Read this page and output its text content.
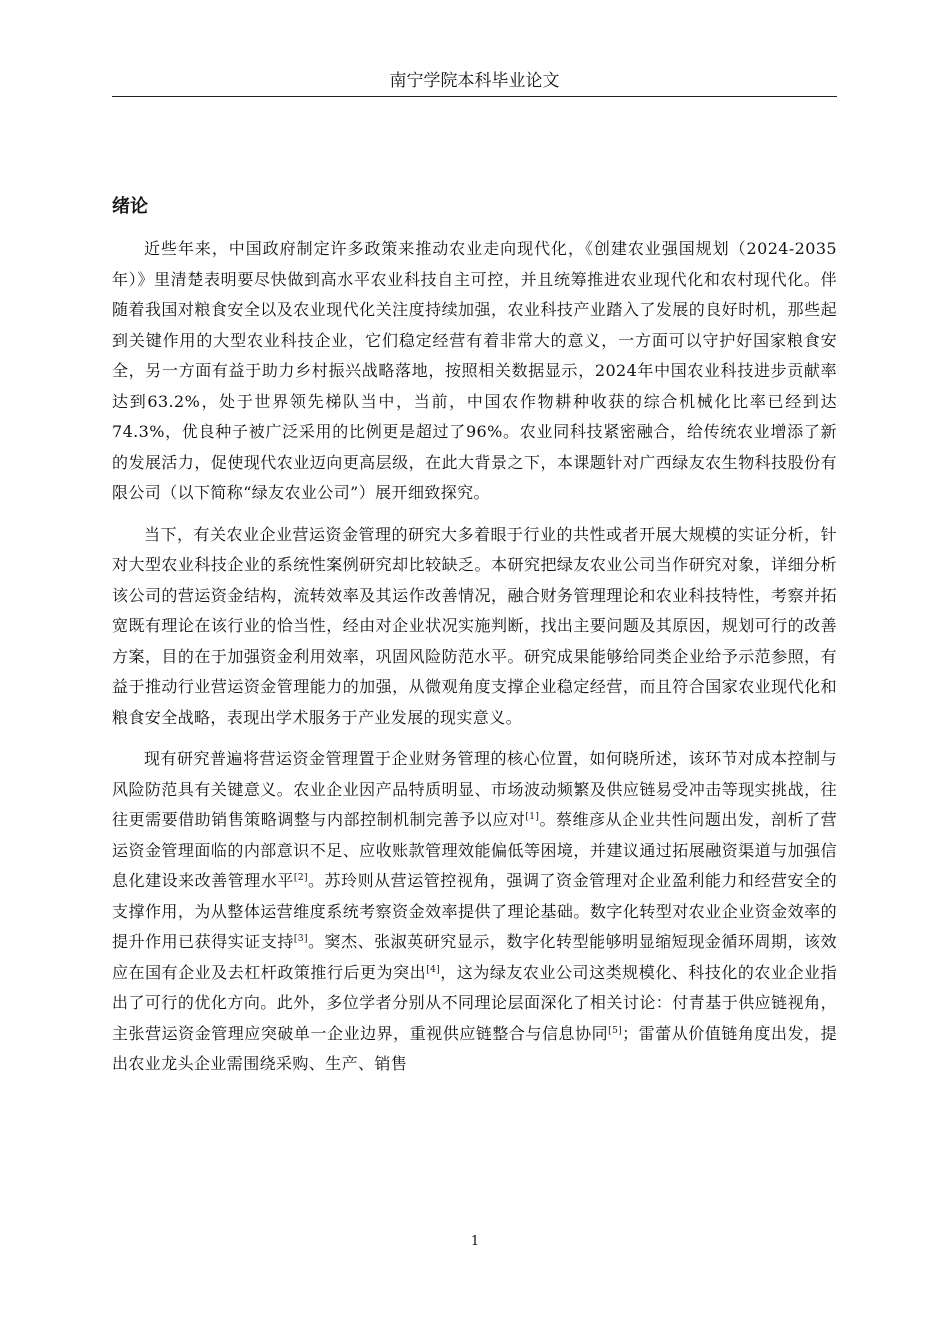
南宁学院本科毕业论文
绪论

近些年来，中国政府制定许多政策来推动农业走向现代化，《创建农业强国规划（2024-2035年）》里清楚表明要尽快做到高水平农业科技自主可控，并且统筹推进农业现代化和农村现代化。伴随着我国对粮食安全以及农业现代化关注度持续加强，农业科技产业踏入了发展的良好时机，那些起到关键作用的大型农业科技企业，它们稳定经营有着非常大的意义，一方面可以守护好国家粮食安全，另一方面有益于助力乡村振兴战略落地，按照相关数据显示，2024年中国农业科技进步贡献率达到63.2%，处于世界领先梯队当中，当前，中国农作物耕种收获的综合机械化比率已经到达74.3%，优良种子被广泛采用的比例更是超过了96%。农业同科技紧密融合，给传统农业增添了新的发展活力，促使现代农业迈向更高层级，在此大背景之下，本课题针对广西绿友农生物科技股份有限公司（以下简称“绿友农业公司”）展开细致探究。

当下，有关农业企业营运资金管理的研究大多着眼于行业的共性或者开展大规模的实证分析，针对大型农业科技企业的系统性案例研究却比较缺乏。本研究把绿友农业公司当作研究对象，详细分析该公司的营运资金结构，流转效率及其运作改善情况，融合财务管理理论和农业科技特性，考察并拓宽既有理论在该行业的恰当性，经由对企业状况实施判断，找出主要问题及其原因，规划可行的改善方案，目的在于加强资金利用效率，巩固风险防范水平。研究成果能够给同类企业给予示范参照，有益于推动行业营运资金管理能力的加强，从微观角度支撑企业稳定经营，而且符合国家农业现代化和粮食安全战略，表现出学术服务于产业发展的现实意义。

现有研究普遍将营运资金管理置于企业财务管理的核心位置，如何晓所述，该环节对成本控制与风险防范具有关键意义。农业企业因产品特质明显、市场波动频繁及供应链易受冲击等现实挑战，往往更需要借助销售策略调整与内部控制机制完善予以应对[1]。蔡维彦从企业共性问题出发，剖析了营运资金管理面临的内部意识不足、应收账款管理效能偏低等困境，并建议通过拓展融资渠道与加强信息化建设来改善管理水平[2]。苏玲则从营运管控视角，强调了资金管理对企业盈利能力和经营安全的支撑作用，为从整体运营维度系统考察资金效率提供了理论基础。数字化转型对农业企业资金效率的提升作用已获得实证支持[3]。窦杰、张淑英研究显示，数字化转型能够明显缩短现金循环周期，该效应在国有企业及去杠杆政策推行后更为突出[4]，这为绿友农业公司这类规模化、科技化的农业企业指出了可行的优化方向。此外，多位学者分别从不同理论层面深化了相关讨论：付青基于供应链视角，主张营运资金管理应突破单一企业边界，重视供应链整合与信息协同[5]；雷蕾从价值链角度出发，提出农业龙头企业需围绕采购、生产、销售

1
